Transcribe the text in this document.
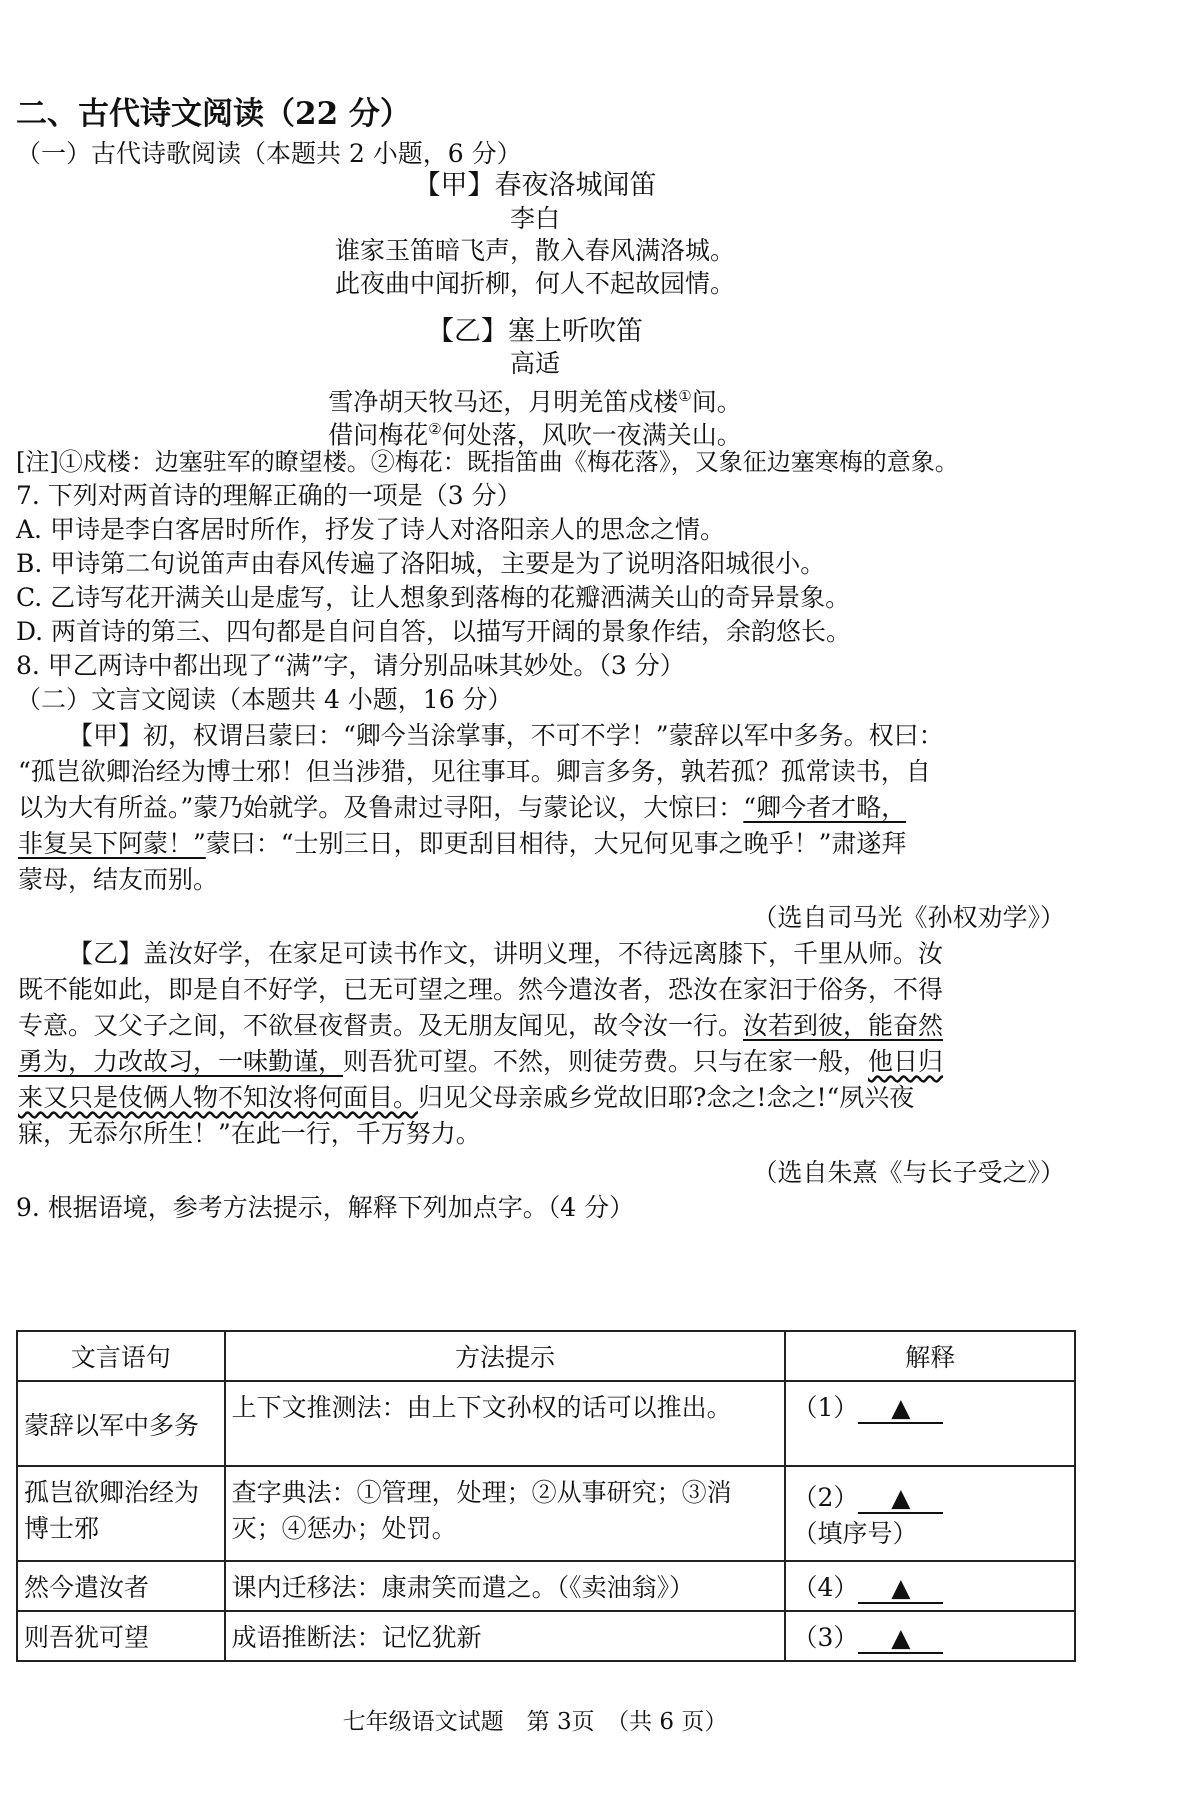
二、古代诗文阅读（22 分）
（一）古代诗歌阅读（本题共 2 小题，6 分）
【甲】春夜洛城闻笛
李白
谁家玉笛暗飞声，散入春风满洛城。
此夜曲中闻折柳，何人不起故园情。
【乙】塞上听吹笛
高适
雪净胡天牧马还，月明羌笛戍楼①间。
借问梅花②何处落，风吹一夜满关山。
[注]①戍楼：边塞驻军的瞭望楼。②梅花：既指笛曲《梅花落》，又象征边塞寒梅的意象。
7. 下列对两首诗的理解正确的一项是（3 分）
A. 甲诗是李白客居时所作，抒发了诗人对洛阳亲人的思念之情。
B. 甲诗第二句说笛声由春风传遍了洛阳城，主要是为了说明洛阳城很小。
C. 乙诗写花开满关山是虚写，让人想象到落梅的花瓣洒满关山的奇异景象。
D. 两首诗的第三、四句都是自问自答，以描写开阔的景象作结，余韵悠长。
8. 甲乙两诗中都出现了“满”字，请分别品味其妙处。（3 分）
（二）文言文阅读（本题共 4 小题，16 分）
【甲】初，权谓吕蒙曰：“卿今当涂掌事，不可不学！”蒙辞以军中多务。权曰：
“孤岂欲卿治经为博士邪！但当涉猎，见往事耳。卿言多务，孰若孤？孤常读书，自
以为大有所益。”蒙乃始就学。及鲁肃过寻阳，与蒙论议，大惊曰：“卿今者才略，
非复吴下阿蒙！”蒙曰：“士别三日，即更刮目相待，大兄何见事之晚乎！”肃遂拜
蒙母，结友而别。
（选自司马光《孙权劝学》）
【乙】盖汝好学，在家足可读书作文，讲明义理，不待远离膝下，千里从师。汝
既不能如此，即是自不好学，已无可望之理。然今遣汝者，恐汝在家汩于俗务，不得
专意。又父子之间，不欲昼夜督责。及无朋友闻见，故令汝一行。汝若到彼，能奋然
勇为，力改故习，一味勤谨，则吾犹可望。不然，则徒劳费。只与在家一般，他日归
来又只是伎俩人物不知汝将何面目。归见父母亲戚乡党故旧耶?念之!念之!“夙兴夜
寐，无忝尔所生！”在此一行，千万努力。
（选自朱熹《与长子受之》）
9. 根据语境，参考方法提示，解释下列加点字。（4 分）
文言语句	方法提示	解释
蒙辞以军中多务	上下文推测法：由上下文孙权的话可以推出。	（1） ▲
孤岂欲卿治经为博士邪	查字典法：①管理，处理；②从事研究；③消灭；④惩办；处罚。	（2） ▲（填序号）
然今遣汝者	课内迁移法：康肃笑而遣之。（《卖油翁》）	（4） ▲
则吾犹可望	成语推断法：记忆犹新	（3） ▲
七年级语文试题　第 3页　（共 6 页）
